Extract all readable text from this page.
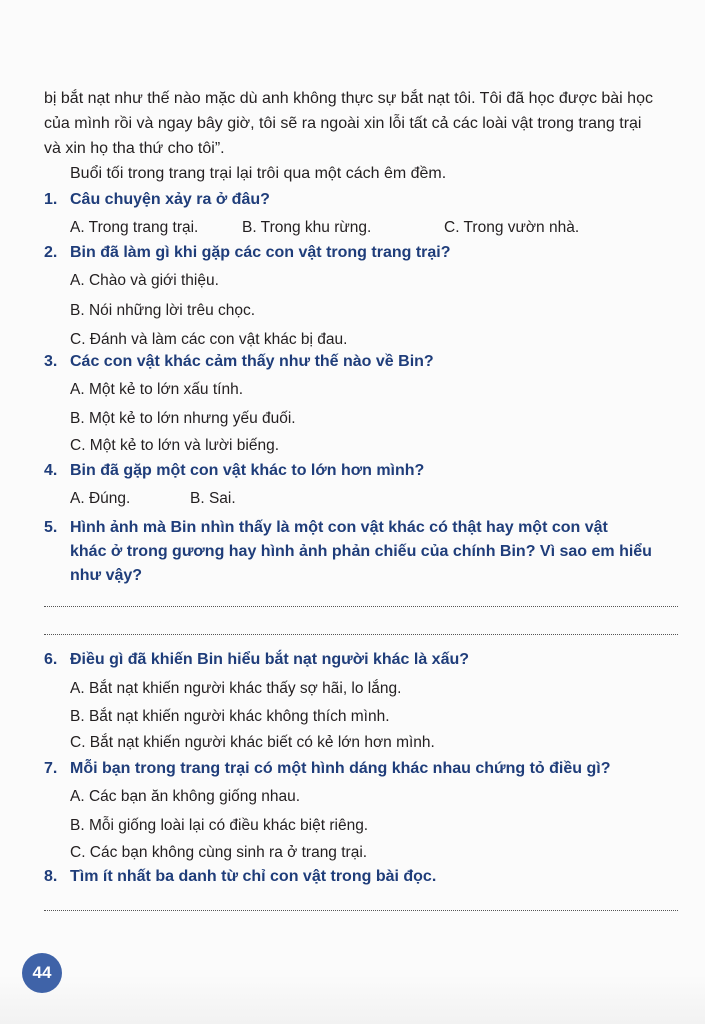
bị bắt nạt như thế nào mặc dù anh không thực sự bắt nạt tôi. Tôi đã học được bài học
của mình rồi và ngay bây giờ, tôi sẽ ra ngoài xin lỗi tất cả các loài vật trong trang trại
và xin họ tha thứ cho tôi”.
Buổi tối trong trang trại lại trôi qua một cách êm đềm.
1. Câu chuyện xảy ra ở đâu?
A. Trong trang trại.	B. Trong khu rừng.	C. Trong vườn nhà.
2. Bin đã làm gì khi gặp các con vật trong trang trại?
A. Chào và giới thiệu.
B. Nói những lời trêu chọc.
C. Đánh và làm các con vật khác bị đau.
3. Các con vật khác cảm thấy như thế nào về Bin?
A. Một kẻ to lớn xấu tính.
B. Một kẻ to lớn nhưng yếu đuối.
C. Một kẻ to lớn và lười biếng.
4. Bin đã gặp một con vật khác to lớn hơn mình?
A. Đúng.	B. Sai.
5. Hình ảnh mà Bin nhìn thấy là một con vật khác có thật hay một con vật
khác ở trong gương hay hình ảnh phản chiếu của chính Bin? Vì sao em hiểu
như vậy?
6. Điều gì đã khiến Bin hiểu bắt nạt người khác là xấu?
A. Bắt nạt khiến người khác thấy sợ hãi, lo lắng.
B. Bắt nạt khiến người khác không thích mình.
C. Bắt nạt khiến người khác biết có kẻ lớn hơn mình.
7. Mỗi bạn trong trang trại có một hình dáng khác nhau chứng tỏ điều gì?
A. Các bạn ăn không giống nhau.
B. Mỗi giống loài lại có điều khác biệt riêng.
C. Các bạn không cùng sinh ra ở trang trại.
8. Tìm ít nhất ba danh từ chỉ con vật trong bài đọc.
44
